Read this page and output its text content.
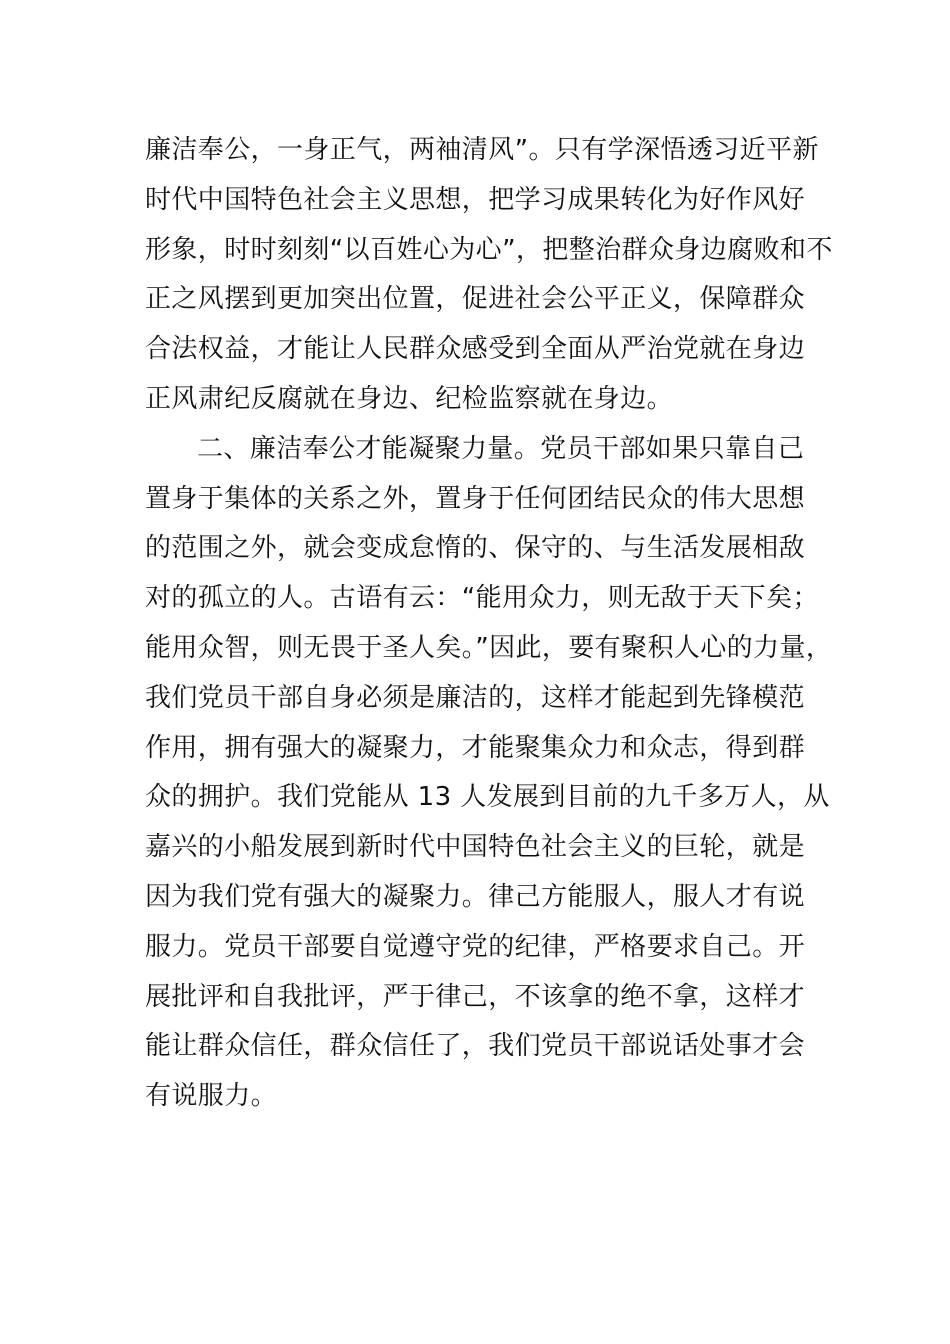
廉洁奉公，一身正气，两袖清风”。只有学深悟透习近平新
时代中国特色社会主义思想，把学习成果转化为好作风好
形象，时时刻刻“以百姓心为心”，把整治群众身边腐败和不
正之风摆到更加突出位置，促进社会公平正义，保障群众
合法权益，才能让人民群众感受到全面从严治党就在身边
正风肃纪反腐就在身边、纪检监察就在身边。
二、廉洁奉公才能凝聚力量。党员干部如果只靠自己
置身于集体的关系之外，置身于任何团结民众的伟大思想
的范围之外，就会变成怠惰的、保守的、与生活发展相敌
对的孤立的人。古语有云：“能用众力，则无敌于天下矣；
能用众智，则无畏于圣人矣。”因此，要有聚积人心的力量，
我们党员干部自身必须是廉洁的，这样才能起到先锋模范
作用，拥有强大的凝聚力，才能聚集众力和众志，得到群
众的拥护。我们党能从 13 人发展到目前的九千多万人，从
嘉兴的小船发展到新时代中国特色社会主义的巨轮，就是
因为我们党有强大的凝聚力。律己方能服人，服人才有说
服力。党员干部要自觉遵守党的纪律，严格要求自己。开
展批评和自我批评，严于律己，不该拿的绝不拿，这样才
能让群众信任，群众信任了，我们党员干部说话处事才会
有说服力。
